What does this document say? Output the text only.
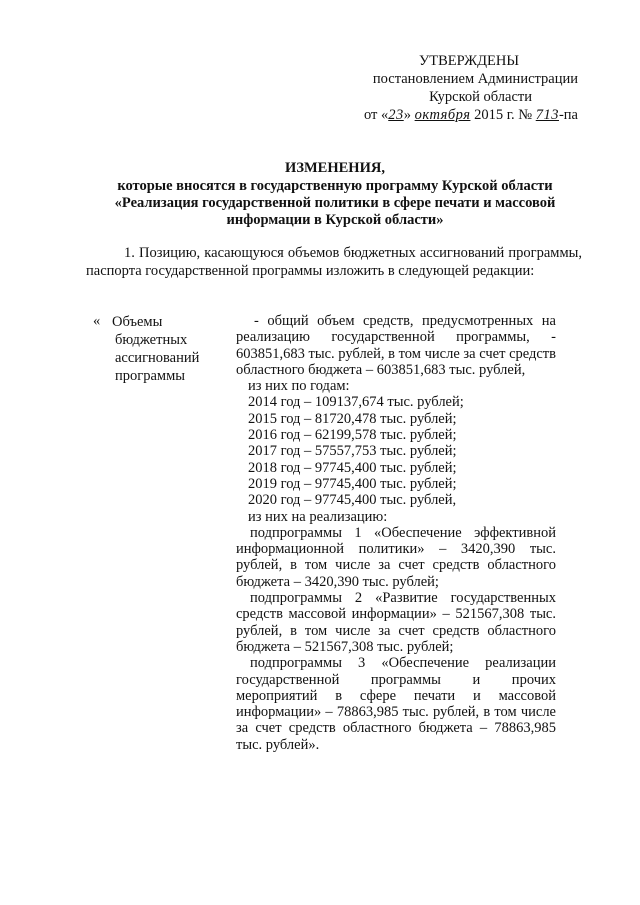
УТВЕРЖДЕНЫ
постановлением Администрации
Курской области
от «23» октября 2015 г. № 713-па
ИЗМЕНЕНИЯ,
которые вносятся в государственную программу Курской области
«Реализация государственной политики в сфере печати и массовой
информации в Курской области»
1. Позицию, касающуюся объемов бюджетных ассигнований программы, паспорта государственной программы изложить в следующей редакции:
« Объемы
бюджетных
ассигнований
программы

- общий объем средств, предусмотренных на реализацию государственной программы, - 603851,683 тыс. рублей, в том числе за счет средств областного бюджета – 603851,683 тыс. рублей,

из них по годам:

2014 год – 109137,674 тыс. рублей;

2015 год – 81720,478 тыс. рублей;

2016 год – 62199,578 тыс. рублей;

2017 год – 57557,753 тыс. рублей;

2018 год – 97745,400 тыс. рублей;

2019 год – 97745,400 тыс. рублей;

2020 год – 97745,400 тыс. рублей,

из них на реализацию:

подпрограммы 1 «Обеспечение эффективной информационной политики» – 3420,390 тыс. рублей, в том числе за счет средств областного бюджета – 3420,390 тыс. рублей;

подпрограммы 2 «Развитие государственных средств массовой информации» – 521567,308 тыс. рублей, в том числе за счет средств областного бюджета – 521567,308 тыс. рублей;

подпрограммы 3 «Обеспечение реализации государственной программы и прочих мероприятий в сфере печати и массовой информации» – 78863,985 тыс. рублей, в том числе за счет средств областного бюджета – 78863,985 тыс. рублей».
